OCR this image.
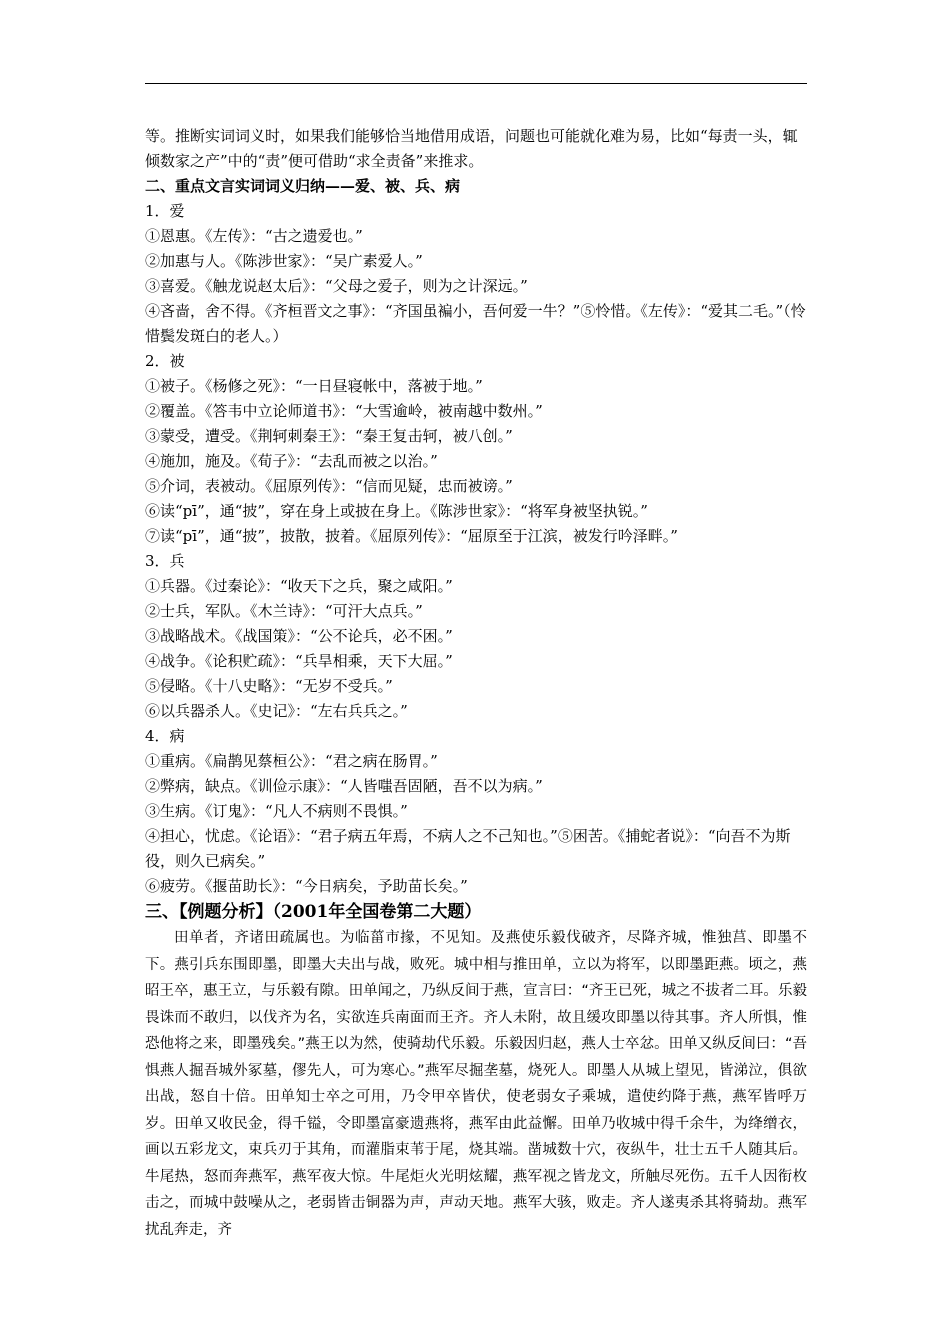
等。推断实词词义时，如果我们能够恰当地借用成语，问题也可能就化难为易，比如“每责一头，辄倾数家之产”中的“责”便可借助“求全责备”来推求。

二、重点文言实词词义归纳——爱、被、兵、病

1．爱

①恩惠。《左传》：“古之遗爱也。”

②加惠与人。《陈涉世家》：“吴广素爱人。”

③喜爱。《触龙说赵太后》：“父母之爱子，则为之计深远。”

④吝啬，舍不得。《齐桓晋文之事》：“齐国虽褊小，吾何爱一牛？”⑤怜惜。《左传》：“爱其二毛。”（怜惜鬓发斑白的老人。）

2．被

①被子。《杨修之死》：“一日昼寝帐中，落被于地。”

②覆盖。《答韦中立论师道书》：“大雪逾岭，被南越中数州。”

③蒙受，遭受。《荆轲刺秦王》：“秦王复击轲，被八创。”

④施加，施及。《荀子》：“去乱而被之以治。”

⑤介词，表被动。《屈原列传》：“信而见疑，忠而被谤。”

⑥读“pī”，通“披”，穿在身上或披在身上。《陈涉世家》：“将军身被坚执锐。”

⑦读“pī”，通“披”，披散，披着。《屈原列传》：“屈原至于江滨，被发行吟泽畔。”

3．兵

①兵器。《过秦论》：“收天下之兵，聚之咸阳。”

②士兵，军队。《木兰诗》：“可汗大点兵。”

③战略战术。《战国策》：“公不论兵，必不困。”

④战争。《论积贮疏》：“兵旱相乘，天下大屈。”

⑤侵略。《十八史略》：“无岁不受兵。”

⑥以兵器杀人。《史记》：“左右兵兵之。”

4．病

①重病。《扁鹊见蔡桓公》：“君之病在肠胃。”

②弊病，缺点。《训俭示康》：“人皆嗤吾固陋，吾不以为病。”

③生病。《订鬼》：“凡人不病则不畏惧。”

④担心，忧虑。《论语》：“君子病五年焉，不病人之不己知也。”⑤困苦。《捕蛇者说》：“向吾不为斯役，则久已病矣。”

⑥疲劳。《揠苗助长》：“今日病矣，予助苗长矣。”

三、【例题分析】（2001年全国卷第二大题）

田单者，齐诸田疏属也。为临菑市掾，不见知。及燕使乐毅伐破齐，尽降齐城，惟独莒、即墨不下。燕引兵东围即墨，即墨大夫出与战，败死。城中相与推田单，立以为将军，以即墨距燕。顷之，燕昭王卒，惠王立，与乐毅有隙。田单闻之，乃纵反间于燕，宣言曰：“齐王已死，城之不拔者二耳。乐毅畏诛而不敢归，以伐齐为名，实欲连兵南面而王齐。齐人未附，故且缓攻即墨以待其事。齐人所惧，惟恐他将之来，即墨残矣。”燕王以为然，使骑劫代乐毅。乐毅因归赵，燕人士卒忿。田单又纵反间曰：“吾惧燕人掘吾城外冢墓，僇先人，可为寒心。”燕军尽掘垄墓，烧死人。即墨人从城上望见，皆涕泣，俱欲出战，怒自十倍。田单知士卒之可用，乃令甲卒皆伏，使老弱女子乘城，遣使约降于燕，燕军皆呼万岁。田单又收民金，得千镒，令即墨富豪遗燕将，燕军由此益懈。田单乃收城中得千余牛，为绛缯衣，画以五彩龙文，束兵刃于其角，而灌脂束苇于尾，烧其端。凿城数十穴，夜纵牛，壮士五千人随其后。牛尾热，怒而奔燕军，燕军夜大惊。牛尾炬火光明炫耀，燕军视之皆龙文，所触尽死伤。五千人因衔枚击之，而城中鼓噪从之，老弱皆击铜器为声，声动天地。燕军大骇，败走。齐人遂夷杀其将骑劫。燕军扰乱奔走，齐
